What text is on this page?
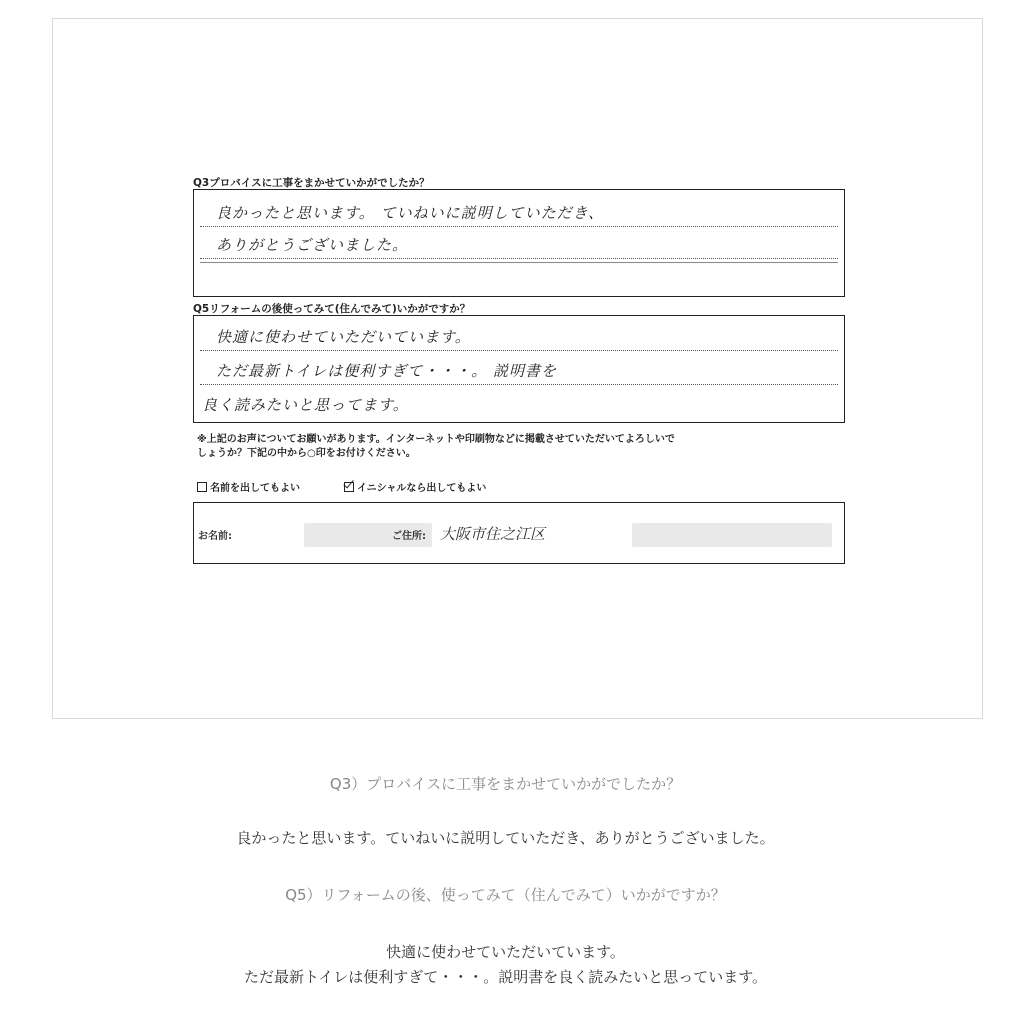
Q3プロバイスに工事をまかせていかがでしたか？
良かったと思います。 ていねいに説明していただき、
ありがとうございました。
Q5リフォームの後使ってみて(住んでみて)いかがですか？
快適に使わせていただいています。
ただ最新トイレは便利すぎて・・・。 説明書を
良く読みたいと思ってます。
※上記のお声についてお願いがあります。インターネットや印刷物などに掲載させていただいてよろしいで
しょうか？下記の中から○印をお付けください。
名前を出してもよい	イニシャルなら出してもよい
お名前:	ご住所: 大阪市住之江区
Q3）プロバイスに工事をまかせていかがでしたか？
良かったと思います。ていねいに説明していただき、ありがとうございました。
Q5）リフォームの後、使ってみて（住んでみて）いかがですか？
快適に使わせていただいています。
ただ最新トイレは便利すぎて・・・。説明書を良く読みたいと思っています。
